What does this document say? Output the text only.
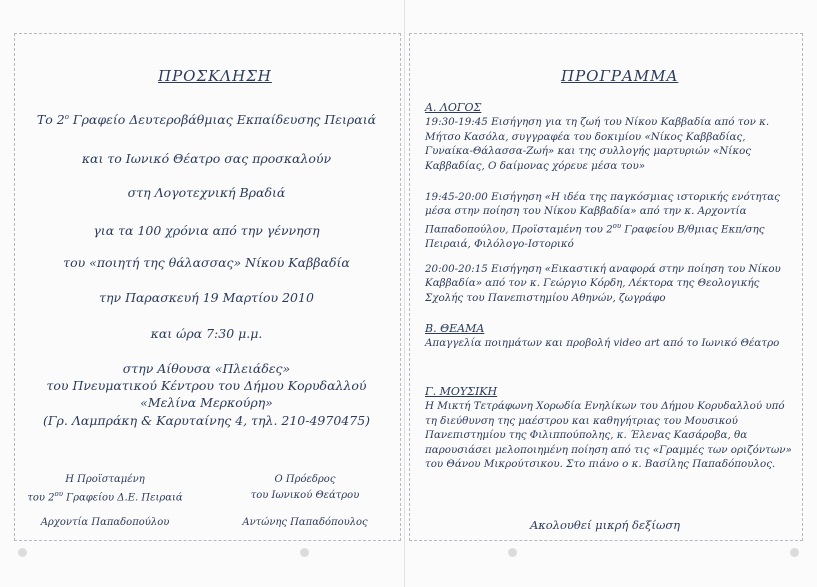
ΠΡΟΣΚΛΗΣΗ
Το $2^o$ Γραφείο Δευτεροβάθμιας Εκπαίδευσης Πειραιά
και το Ιωνικό Θέατρο σας προσκαλούν
στη Λογοτεχνική Βραδιά
για τα 100 χρόνια από την γέννηση
του «ποιητή της θάλασσας» Νίκου Καββαδία
την Παρασκευή 19 Μαρτίου 2010
και ώρα 7:30 μ.μ.
στην Αίθουσα «Πλειάδες»
του Πνευματικού Κέντρου του Δήμου Κορυδαλλού
«Μελίνα Μερκούρη»
(Γρ. Λαμπράκη & Καρυταίνης 4, τηλ. 210-4970475)
Η Προϊσταμένη
του $2^{o\upsilon}$ Γραφείου Δ.Ε. Πειραιά
Αρχοντία Παπαδοπούλου
Ο Πρόεδρος
του Ιωνικού Θεάτρου
Αντώνης Παπαδόπουλος
ΠΡΟΓΡΑΜΜΑ
Α. ΛΟΓΟΣ

19:30-19:45 Εισήγηση για τη ζωή του Νίκου Καββαδία από τον κ. Μήτσο Κασόλα, συγγραφέα του δοκιμίου «Νίκος Καββαδίας, Γυναίκα-Θάλασσα-Ζωή» και της συλλογής μαρτυριών «Νίκος Καββαδίας, Ο δαίμονας χόρευε μέσα του»

19:45-20:00 Εισήγηση «Η ιδέα της παγκόσμιας ιστορικής ενότητας μέσα στην ποίηση του Νίκου Καββαδία» από την κ. Αρχοντία Παπαδοπούλου, Προϊσταμένη του $2^{o\upsilon}$ Γραφείου Β/θμιας Εκπ/σης Πειραιά, Φιλόλογο-Ιστορικό

20:00-20:15 Εισήγηση «Εικαστική αναφορά στην ποίηση του Νίκου Καββαδία» από τον κ. Γεώργιο Κόρδη, Λέκτορα της Θεολογικής Σχολής του Πανεπιστημίου Αθηνών, ζωγράφο

Β. ΘΕΑΜΑ

Απαγγελία ποιημάτων και προβολή video art από το Ιωνικό Θέατρο

Γ. ΜΟΥΣΙΚΗ

Η Μικτή Τετράφωνη Χορωδία Ενηλίκων του Δήμου Κορυδαλλού υπό τη διεύθυνση της μαέστρου και καθηγήτριας του Μουσικού Πανεπιστημίου της Φιλιππούπολης, κ. Έλενας Κασάροβα, θα παρουσιάσει μελοποιημένη ποίηση από τις «Γραμμές των οριζόντων» του Θάνου Μικρούτσικου. Στο πιάνο ο κ. Βασίλης Παπαδόπουλος.

Ακολουθεί μικρή δεξίωση
